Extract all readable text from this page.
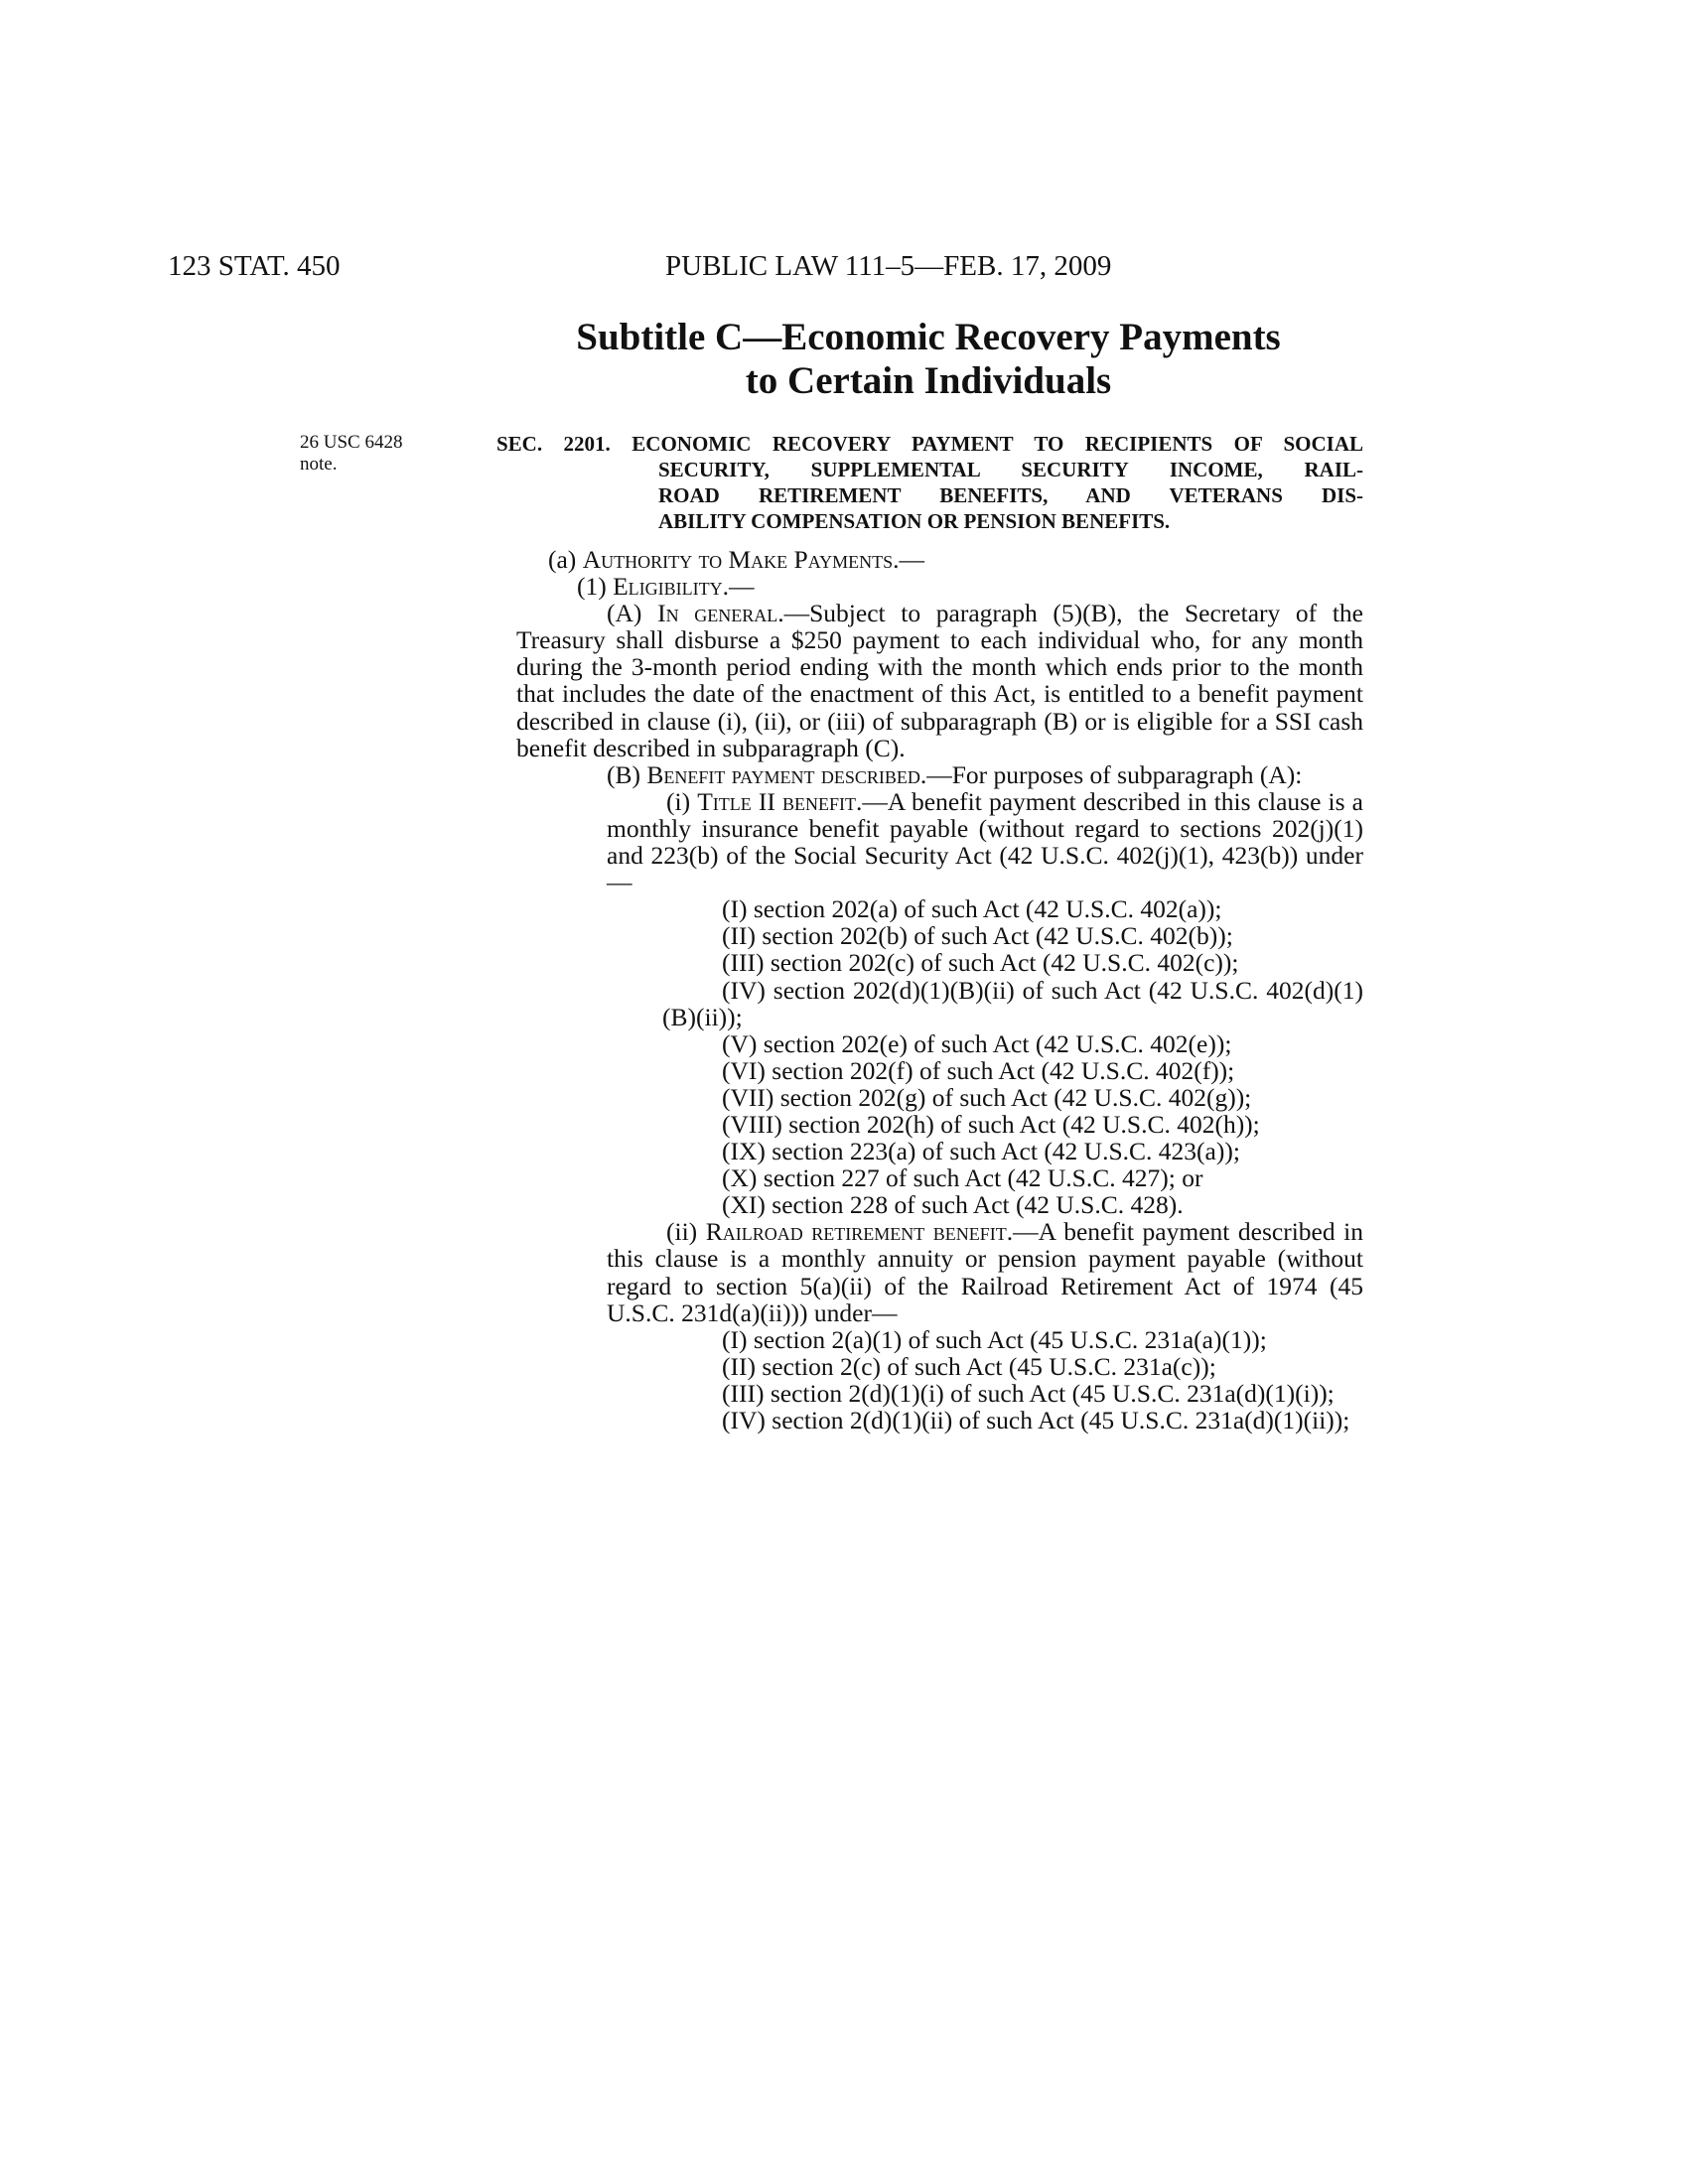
123 STAT. 450	PUBLIC LAW 111–5—FEB. 17, 2009
Subtitle C—Economic Recovery Payments
to Certain Individuals
26 USC 6428
note.
SEC. 2201. ECONOMIC RECOVERY PAYMENT TO RECIPIENTS OF SOCIAL
SECURITY, SUPPLEMENTAL SECURITY INCOME, RAIL-
ROAD RETIREMENT BENEFITS, AND VETERANS DIS-
ABILITY COMPENSATION OR PENSION BENEFITS.

(a) Authority to Make Payments.—

(1) Eligibility.—

(A) In general.—Subject to paragraph (5)(B), the Secretary of the Treasury shall disburse a $250 payment to each individual who, for any month during the 3-month period ending with the month which ends prior to the month that includes the date of the enactment of this Act, is entitled to a benefit payment described in clause (i), (ii), or (iii) of subparagraph (B) or is eligible for a SSI cash benefit described in subparagraph (C).

(B) Benefit payment described.—For purposes of subparagraph (A):

(i) Title II benefit.—A benefit payment described in this clause is a monthly insurance benefit payable (without regard to sections 202(j)(1) and 223(b) of the Social Security Act (42 U.S.C. 402(j)(1), 423(b)) under—

(I) section 202(a) of such Act (42 U.S.C. 402(a));

(II) section 202(b) of such Act (42 U.S.C. 402(b));

(III) section 202(c) of such Act (42 U.S.C. 402(c));

(IV) section 202(d)(1)(B)(ii) of such Act (42 U.S.C. 402(d)(1)(B)(ii));

(V) section 202(e) of such Act (42 U.S.C. 402(e));

(VI) section 202(f) of such Act (42 U.S.C. 402(f));

(VII) section 202(g) of such Act (42 U.S.C. 402(g));

(VIII) section 202(h) of such Act (42 U.S.C. 402(h));

(IX) section 223(a) of such Act (42 U.S.C. 423(a));

(X) section 227 of such Act (42 U.S.C. 427); or

(XI) section 228 of such Act (42 U.S.C. 428).

(ii) Railroad retirement benefit.—A benefit payment described in this clause is a monthly annuity or pension payment payable (without regard to section 5(a)(ii) of the Railroad Retirement Act of 1974 (45 U.S.C. 231d(a)(ii))) under—

(I) section 2(a)(1) of such Act (45 U.S.C. 231a(a)(1));

(II) section 2(c) of such Act (45 U.S.C. 231a(c));

(III) section 2(d)(1)(i) of such Act (45 U.S.C. 231a(d)(1)(i));

(IV) section 2(d)(1)(ii) of such Act (45 U.S.C. 231a(d)(1)(ii));
